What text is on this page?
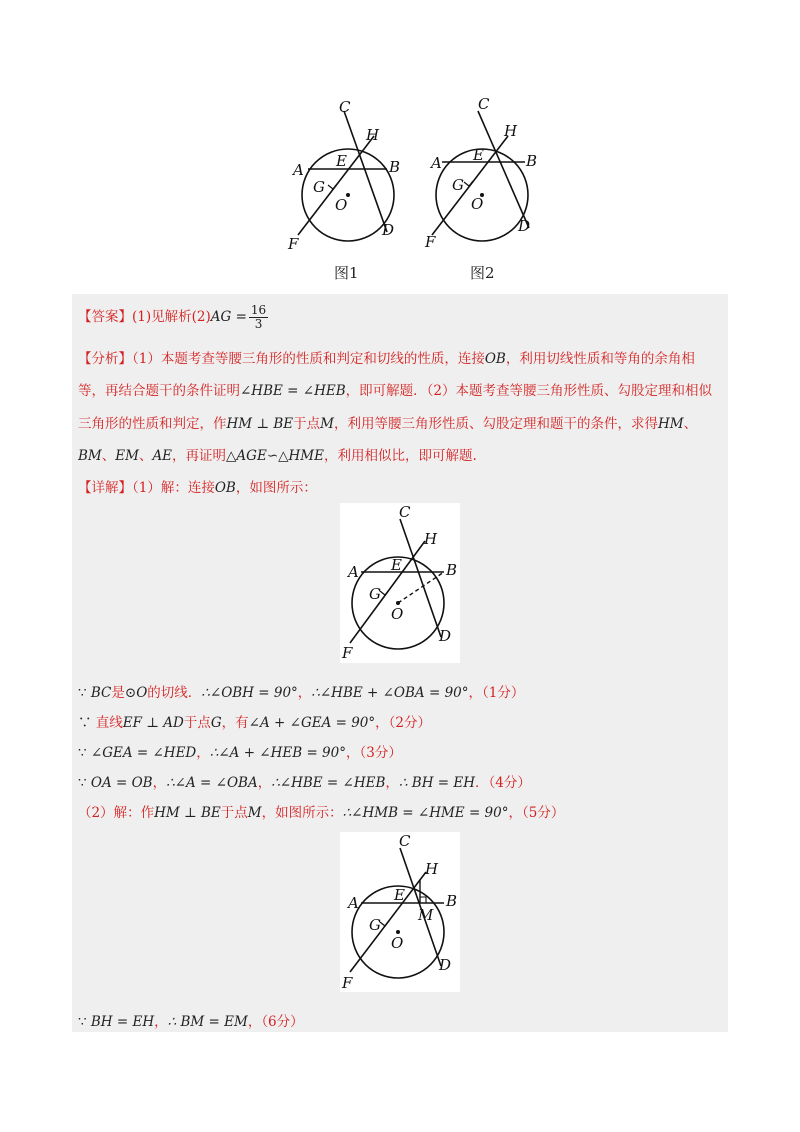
C
H
A E	B
G
O
D
F
图1
C
H
A E	B
G
O
D
F
图2
【答案】(1)见解析$(2)AG = \frac{16}{3}$
【分析】（1）本题考查等腰三角形的性质和判定和切线的性质，连接OB，利用切线性质和等角的余角相
等，再结合题干的条件证明∠HBE = ∠HEB，即可解题．（2）本题考查等腰三角形性质、勾股定理和相似
三角形的性质和判定，作HM ⊥ BE于点M，利用等腰三角形性质、勾股定理和题干的条件，求得HM、
BM、EM、AE，再证明△AGE∽△HME，利用相似比，即可解题.
【详解】（1）解：连接OB，如图所示：
C
H
A E	B
G
O
D
F
∵ BC是⊙O的切线．∴∠OBH = 90°，∴∠HBE + ∠OBA = 90°，（1分）
∵ 直线EF ⊥ AD于点G，有∠A + ∠GEA = 90°，（2分）
∵ ∠GEA = ∠HED，∴∠A + ∠HEB = 90°，（3分）
∵ OA = OB，∴∠A = ∠OBA，∴∠HBE = ∠HEB，∴ BH = EH．（4分）
（2）解：作HM ⊥ BE于点M，如图所示：∴∠HMB = ∠HME = 90°，（5分）
C
H
A E	B
M
G
O
D
F
∵ BH = EH，∴ BM = EM，（6分）
